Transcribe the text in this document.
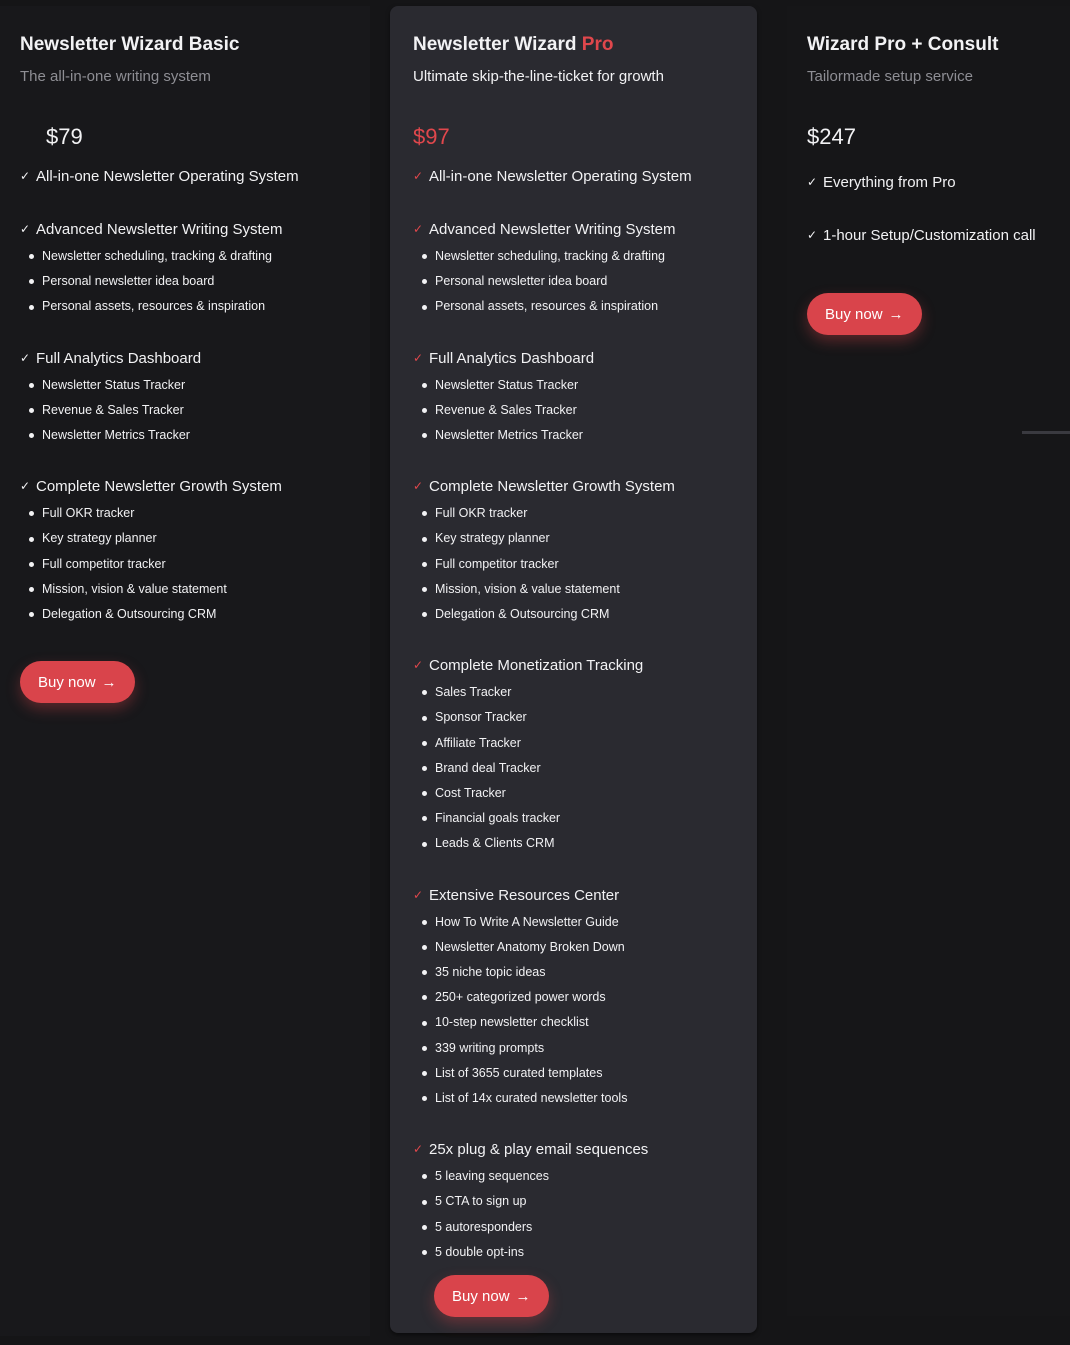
Newsletter Wizard Basic
The all-in-one writing system
$79
✓ All-in-one Newsletter Operating System
✓ Advanced Newsletter Writing System
Newsletter scheduling, tracking & drafting
Personal newsletter idea board
Personal assets, resources & inspiration
✓ Full Analytics Dashboard
Newsletter Status Tracker
Revenue & Sales Tracker
Newsletter Metrics Tracker
✓ Complete Newsletter Growth System
Full OKR tracker
Key strategy planner
Full competitor tracker
Mission, vision & value statement
Delegation & Outsourcing CRM
Buy now →
Newsletter Wizard Pro
Ultimate skip-the-line-ticket for growth
$97
✓ All-in-one Newsletter Operating System
✓ Advanced Newsletter Writing System
Newsletter scheduling, tracking & drafting
Personal newsletter idea board
Personal assets, resources & inspiration
✓ Full Analytics Dashboard
Newsletter Status Tracker
Revenue & Sales Tracker
Newsletter Metrics Tracker
✓ Complete Newsletter Growth System
Full OKR tracker
Key strategy planner
Full competitor tracker
Mission, vision & value statement
Delegation & Outsourcing CRM
✓ Complete Monetization Tracking
Sales Tracker
Sponsor Tracker
Affiliate Tracker
Brand deal Tracker
Cost Tracker
Financial goals tracker
Leads & Clients CRM
✓ Extensive Resources Center
How To Write A Newsletter Guide
Newsletter Anatomy Broken Down
35 niche topic ideas
250+ categorized power words
10-step newsletter checklist
339 writing prompts
List of 3655 curated templates
List of 14x curated newsletter tools
✓ 25x plug & play email sequences
5 leaving sequences
5 CTA to sign up
5 autoresponders
5 double opt-ins
Buy now →
Wizard Pro + Consult
Tailormade setup service
$247
✓ Everything from Pro
✓ 1-hour Setup/Customization call
Buy now →
